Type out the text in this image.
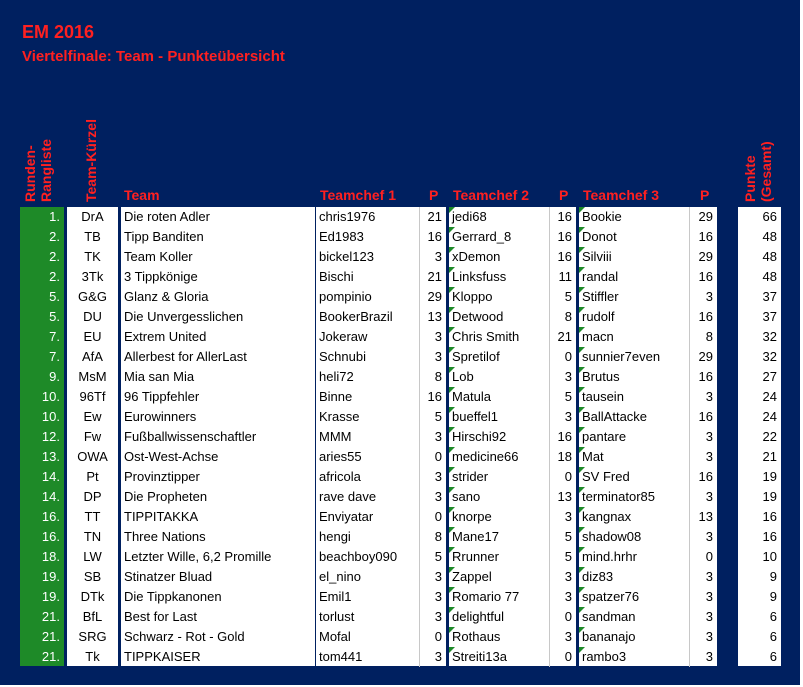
EM 2016
Viertelfinale: Team - Punkteübersicht
Runden-
Rangliste Team-Kürzel Team	Teamchef 1 P Teamchef 2 P Teamchef 3	P Punkte
(Gesamt)
1.	DrA	Die roten Adler	chris1976	21 jedi68	16 Bookie	29	66
2.	TB	Tipp Banditen	Ed1983	16 Gerrard_8	16 Donot	16	48
2.	TK	Team Koller	bickel123	3 xDemon	16 Silviii	29	48
2.	3Tk	3 Tippkönige	Bischi	21 Linksfuss	11 randal	16	48
5.	G&G	Glanz & Gloria	pompinio	29 Kloppo	5 Stiffler	3	37
5.	DU	Die Unvergesslichen	BookerBrazil	13 Detwood	8 rudolf	16	37
7.	EU	Extrem United	Jokeraw	3 Chris Smith	21 macn	8	32
7.	AfA	Allerbest for AllerLast	Schnubi	3 Spretilof	0 sunnier7even	29	32
9.	MsM	Mia san Mia	heli72	8 Lob	3 Brutus	16	27
10.	96Tf	96 Tippfehler	Binne	16 Matula	5 tausein	3	24
10.	Ew	Eurowinners	Krasse	5 bueffel1	3 BallAttacke	16	24
12.	Fw	Fußballwissenschaftler	MMM	3 Hirschi92	16 pantare	3	22
13.	OWA	Ost-West-Achse	aries55	0 medicine66	18 Mat	3	21
14.	Pt	Provinztipper	africola	3 strider	0 SV Fred	16	19
14.	DP	Die Propheten	rave dave	3 sano	13 terminator85	3	19
16.	TT	TIPPITAKKA	Enviyatar	0 knorpe	3 kangnax	13	16
16.	TN	Three Nations	hengi	8 Mane17	5 shadow08	3	16
18.	LW	Letzter Wille, 6,2 Promille	beachboy090	5 Rrunner	5 mind.hrhr	0	10
19.	SB	Stinatzer Bluad	el_nino	3 Zappel	3 diz83	3	9
19.	DTk	Die Tippkanonen	Emil1	3 Romario 77	3 spatzer76	3	9
21.	BfL	Best for Last	torlust	3 delightful	0 sandman	3	6
21.	SRG	Schwarz - Rot - Gold	Mofal	0 Rothaus	3 bananajo	3	6
21.	Tk	TIPPKAISER	tom441	3 Streiti13a	0 rambo3	3	6
